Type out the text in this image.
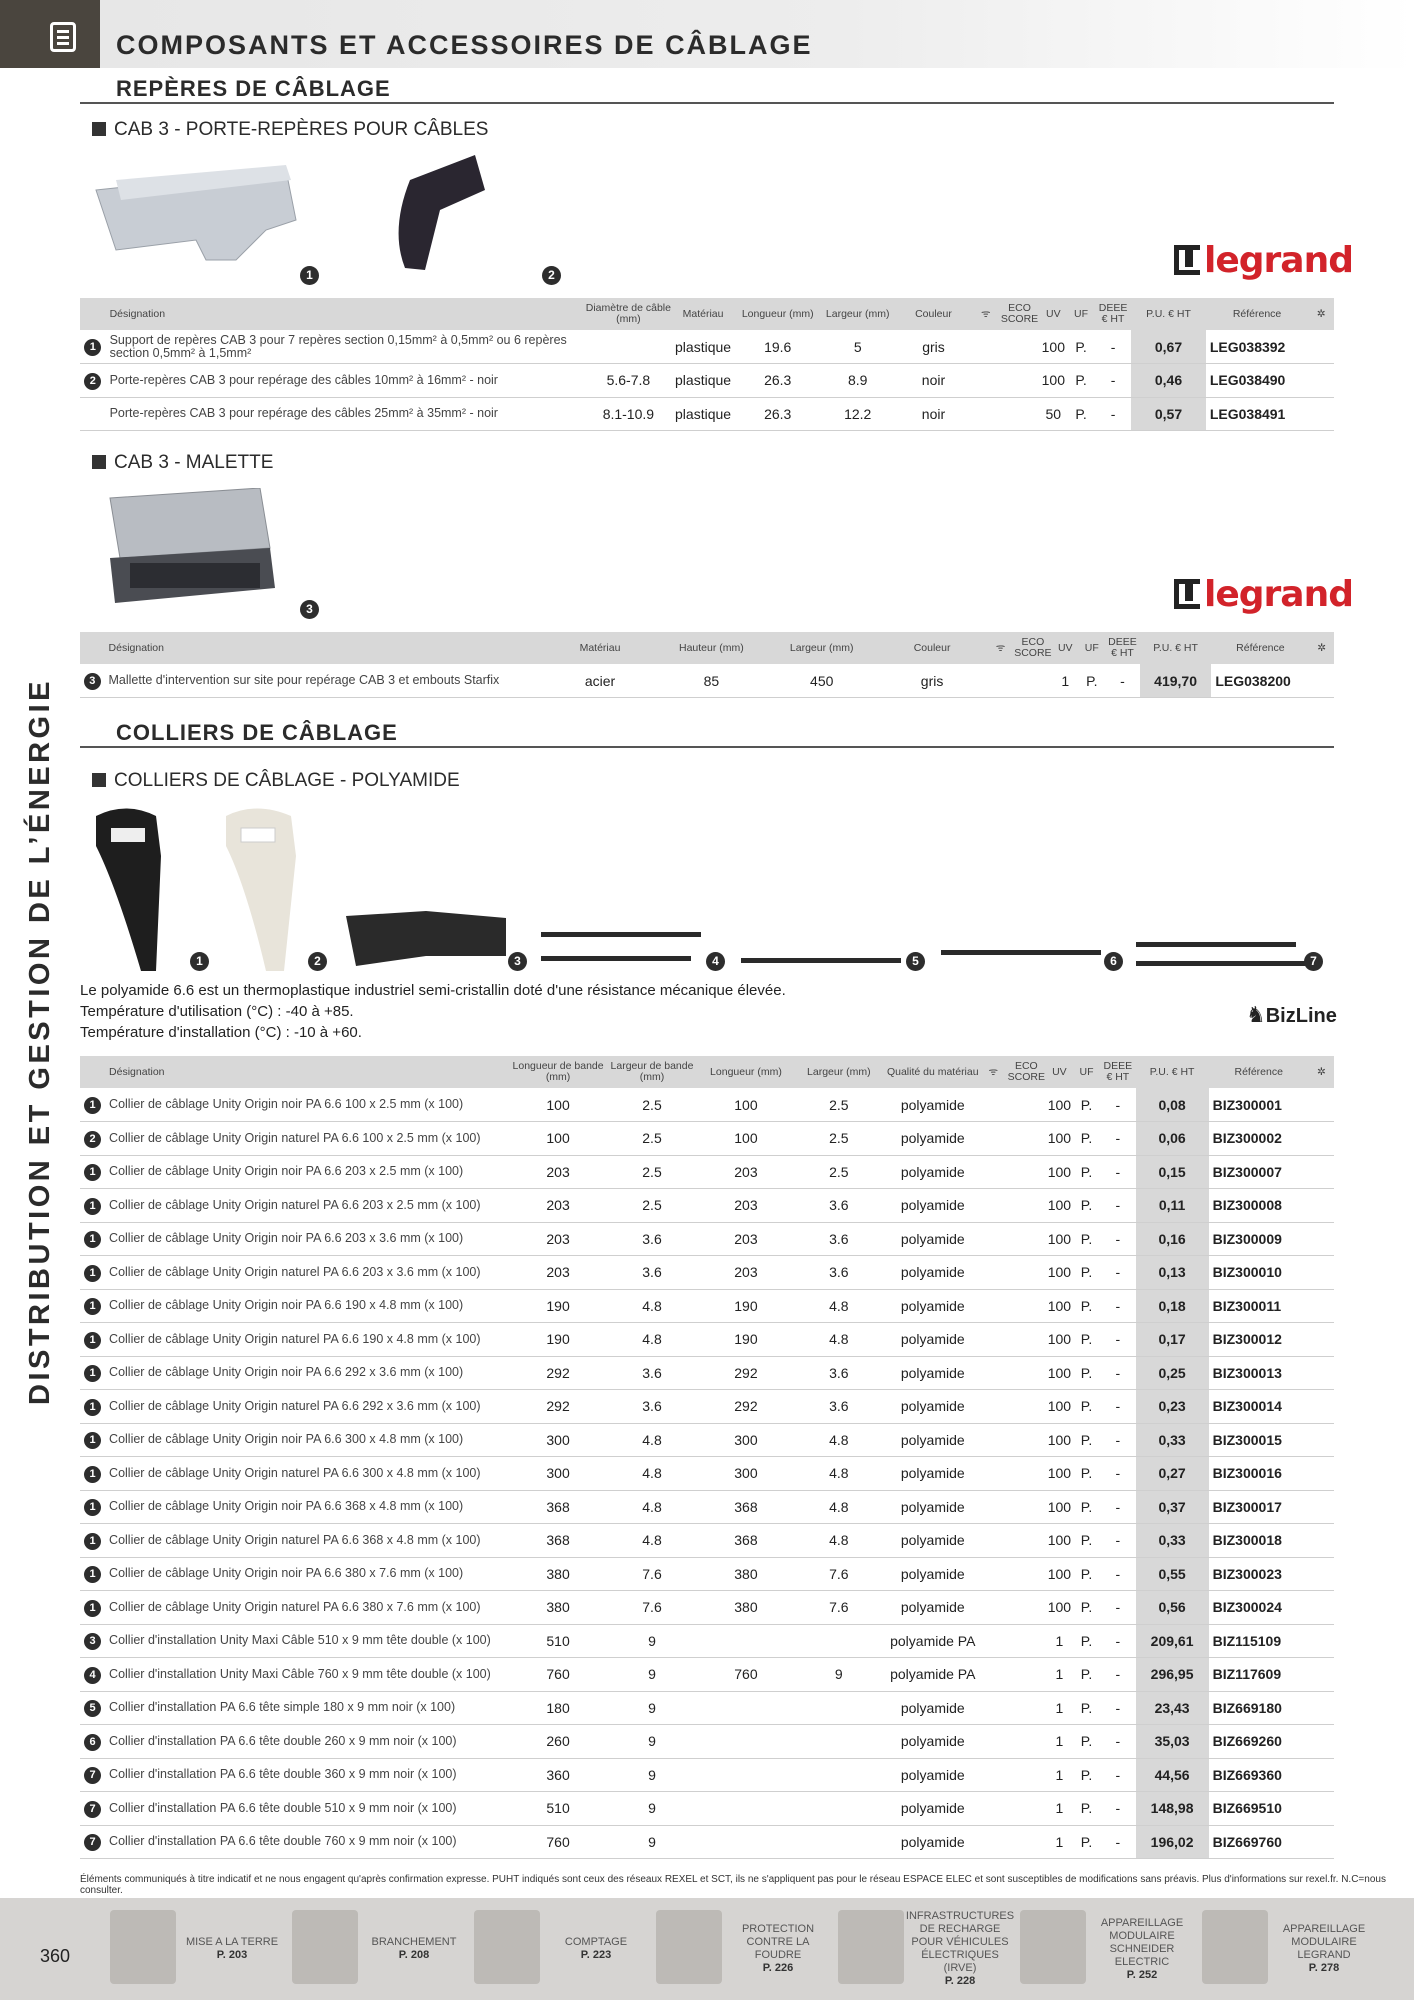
COMPOSANTS ET ACCESSOIRES DE CÂBLAGE
DISTRIBUTION ET GESTION DE L’ÉNERGIE
REPÈRES DE CÂBLAGE
CAB 3 - PORTE-REPÈRES POUR CÂBLES
1	2	legrand
	Désignation	Diamètre de câble (mm)	Matériau	Longueur (mm)	Largeur (mm)	Couleur	ᯤ	ECO SCORE	UV	UF	DEEE € HT	P.U. € HT	Référence	✲
1	Support de repères CAB 3 pour 7 repères section 0,15mm² à 0,5mm² ou 6 repères section 0,5mm² à 1,5mm²		plastique	19.6	5	gris			100	P.	-	0,67	LEG038392	
2	Porte-repères CAB 3 pour repérage des câbles 10mm² à 16mm² - noir	5.6-7.8	plastique	26.3	8.9	noir			100	P.	-	0,46	LEG038490	
	Porte-repères CAB 3 pour repérage des câbles 25mm² à 35mm² - noir	8.1-10.9	plastique	26.3	12.2	noir			50	P.	-	0,57	LEG038491	
CAB 3 - MALETTE
3	legrand
	Désignation	Matériau	Hauteur (mm)	Largeur (mm)	Couleur	ᯤ	ECO SCORE	UV	UF	DEEE € HT	P.U. € HT	Référence	✲
3	Mallette d'intervention sur site pour repérage CAB 3 et embouts Starfix	acier	85	450	gris			1	P.	-	419,70	LEG038200	
COLLIERS DE CÂBLAGE
COLLIERS DE CÂBLAGE - POLYAMIDE
1	2	3	4	5	6	7
Le polyamide 6.6 est un thermoplastique industriel semi-cristallin doté d'une résistance mécanique élevée.
Température d'utilisation (°C) : -40 à +85.
Température d'installation (°C) : -10 à +60.
♞BizLine
	Désignation	Longueur de bande (mm)	Largeur de bande (mm)	Longueur (mm)	Largeur (mm)	Qualité du matériau	ᯤ	ECO SCORE	UV	UF	DEEE € HT	P.U. € HT	Référence	✲
1	Collier de câblage Unity Origin noir PA 6.6 100 x 2.5 mm (x 100)	100	2.5	100	2.5	polyamide			100	P.	-	0,08	BIZ300001	
2	Collier de câblage Unity Origin naturel PA 6.6 100 x 2.5 mm (x 100)	100	2.5	100	2.5	polyamide			100	P.	-	0,06	BIZ300002	
1	Collier de câblage Unity Origin noir PA 6.6 203 x 2.5 mm (x 100)	203	2.5	203	2.5	polyamide			100	P.	-	0,15	BIZ300007	
1	Collier de câblage Unity Origin naturel PA 6.6 203 x 2.5 mm (x 100)	203	2.5	203	3.6	polyamide			100	P.	-	0,11	BIZ300008	
1	Collier de câblage Unity Origin noir PA 6.6 203 x 3.6 mm (x 100)	203	3.6	203	3.6	polyamide			100	P.	-	0,16	BIZ300009	
1	Collier de câblage Unity Origin naturel PA 6.6 203 x 3.6 mm (x 100)	203	3.6	203	3.6	polyamide			100	P.	-	0,13	BIZ300010	
1	Collier de câblage Unity Origin noir PA 6.6 190 x 4.8 mm (x 100)	190	4.8	190	4.8	polyamide			100	P.	-	0,18	BIZ300011	
1	Collier de câblage Unity Origin naturel PA 6.6 190 x 4.8 mm (x 100)	190	4.8	190	4.8	polyamide			100	P.	-	0,17	BIZ300012	
1	Collier de câblage Unity Origin noir PA 6.6 292 x 3.6 mm (x 100)	292	3.6	292	3.6	polyamide			100	P.	-	0,25	BIZ300013	
1	Collier de câblage Unity Origin naturel PA 6.6 292 x 3.6 mm (x 100)	292	3.6	292	3.6	polyamide			100	P.	-	0,23	BIZ300014	
1	Collier de câblage Unity Origin noir PA 6.6 300 x 4.8 mm (x 100)	300	4.8	300	4.8	polyamide			100	P.	-	0,33	BIZ300015	
1	Collier de câblage Unity Origin naturel PA 6.6 300 x 4.8 mm (x 100)	300	4.8	300	4.8	polyamide			100	P.	-	0,27	BIZ300016	
1	Collier de câblage Unity Origin noir PA 6.6 368 x 4.8 mm (x 100)	368	4.8	368	4.8	polyamide			100	P.	-	0,37	BIZ300017	
1	Collier de câblage Unity Origin naturel PA 6.6 368 x 4.8 mm (x 100)	368	4.8	368	4.8	polyamide			100	P.	-	0,33	BIZ300018	
1	Collier de câblage Unity Origin noir PA 6.6 380 x 7.6 mm (x 100)	380	7.6	380	7.6	polyamide			100	P.	-	0,55	BIZ300023	
1	Collier de câblage Unity Origin naturel PA 6.6 380 x 7.6 mm (x 100)	380	7.6	380	7.6	polyamide			100	P.	-	0,56	BIZ300024	
3	Collier d'installation Unity Maxi Câble 510 x 9 mm tête double (x 100)	510	9			polyamide PA			1	P.	-	209,61	BIZ115109	
4	Collier d'installation Unity Maxi Câble 760 x 9 mm tête double (x 100)	760	9	760	9	polyamide PA			1	P.	-	296,95	BIZ117609	
5	Collier d'installation PA 6.6 tête simple 180 x 9 mm noir (x 100)	180	9			polyamide			1	P.	-	23,43	BIZ669180	
6	Collier d'installation PA 6.6 tête double 260 x 9 mm noir (x 100)	260	9			polyamide			1	P.	-	35,03	BIZ669260	
7	Collier d'installation PA 6.6 tête double 360 x 9 mm noir (x 100)	360	9			polyamide			1	P.	-	44,56	BIZ669360	
7	Collier d'installation PA 6.6 tête double 510 x 9 mm noir (x 100)	510	9			polyamide			1	P.	-	148,98	BIZ669510	
7	Collier d'installation PA 6.6 tête double 760 x 9 mm noir (x 100)	760	9			polyamide			1	P.	-	196,02	BIZ669760	
Éléments communiqués à titre indicatif et ne nous engagent qu'après confirmation expresse. PUHT indiqués sont ceux des réseaux REXEL et SCT, ils ne s'appliquent pas pour le réseau ESPACE ELEC et sont susceptibles de modifications sans préavis. Plus d'informations sur rexel.fr. N.C=nous consulter.
360
MISE A LA TERRE
P. 203
BRANCHEMENT
P. 208
COMPTAGE
P. 223
PROTECTION CONTRE LA FOUDRE
P. 226
INFRASTRUCTURES DE RECHARGE POUR VÉHICULES ÉLECTRIQUES (IRVE)
P. 228
APPAREILLAGE MODULAIRE SCHNEIDER ELECTRIC
P. 252
APPAREILLAGE MODULAIRE LEGRAND
P. 278
